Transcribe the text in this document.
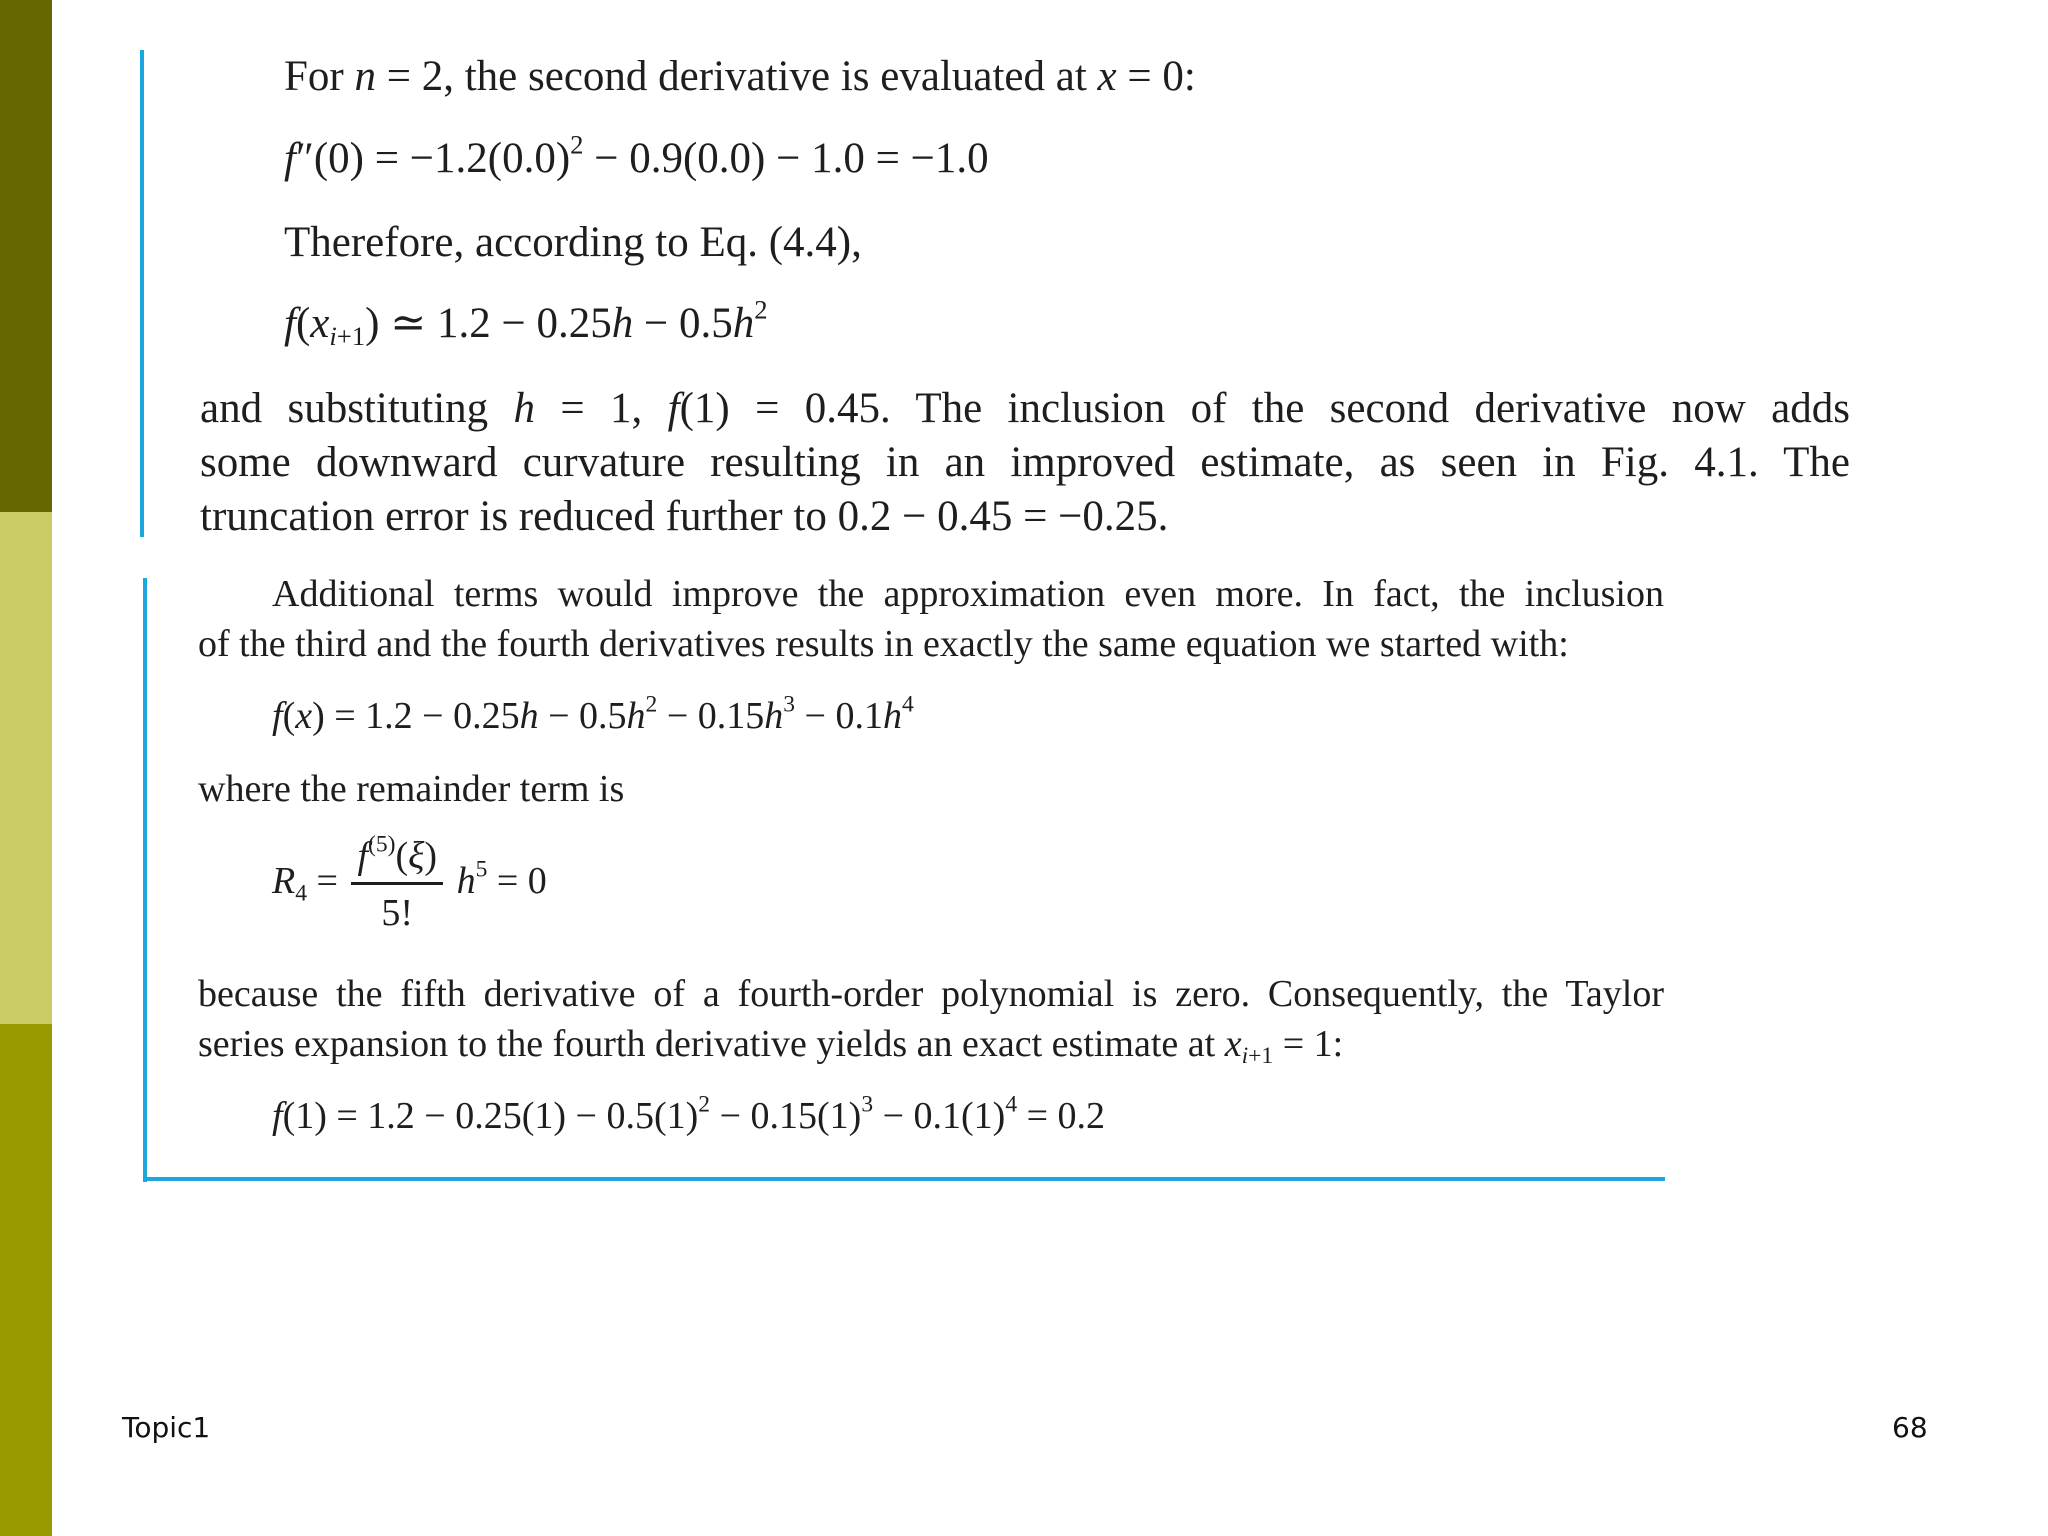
For n = 2, the second derivative is evaluated at x = 0:
$f''(0) = -1.2(0.0)^2 - 0.9(0.0) - 1.0 = -1.0$
Therefore, according to Eq. (4.4),
$f(x_{i+1})$ ≃ $1.2 - 0.25h - 0.5h^2$
and substituting h = 1, f(1) = 0.45. The inclusion of the second derivative now adds
some downward curvature resulting in an improved estimate, as seen in Fig. 4.1. The
truncation error is reduced further to 0.2 − 0.45 = −0.25.
Additional terms would improve the approximation even more. In fact, the inclusion
of the third and the fourth derivatives results in exactly the same equation we started with:
$f(x) = 1.2 - 0.25h - 0.5h^2 - 0.15h^3 - 0.1h^4$
where the remainder term is
$R_4 = \frac{f^{(5)}(\xi)}{5!} h^5 = 0$
because the fifth derivative of a fourth-order polynomial is zero. Consequently, the Taylor
series expansion to the fourth derivative yields an exact estimate at $x_{i+1} = 1$:
$f(1) = 1.2 - 0.25(1) - 0.5(1)^2 - 0.15(1)^3 - 0.1(1)^4 = 0.2$
Topic1	68
